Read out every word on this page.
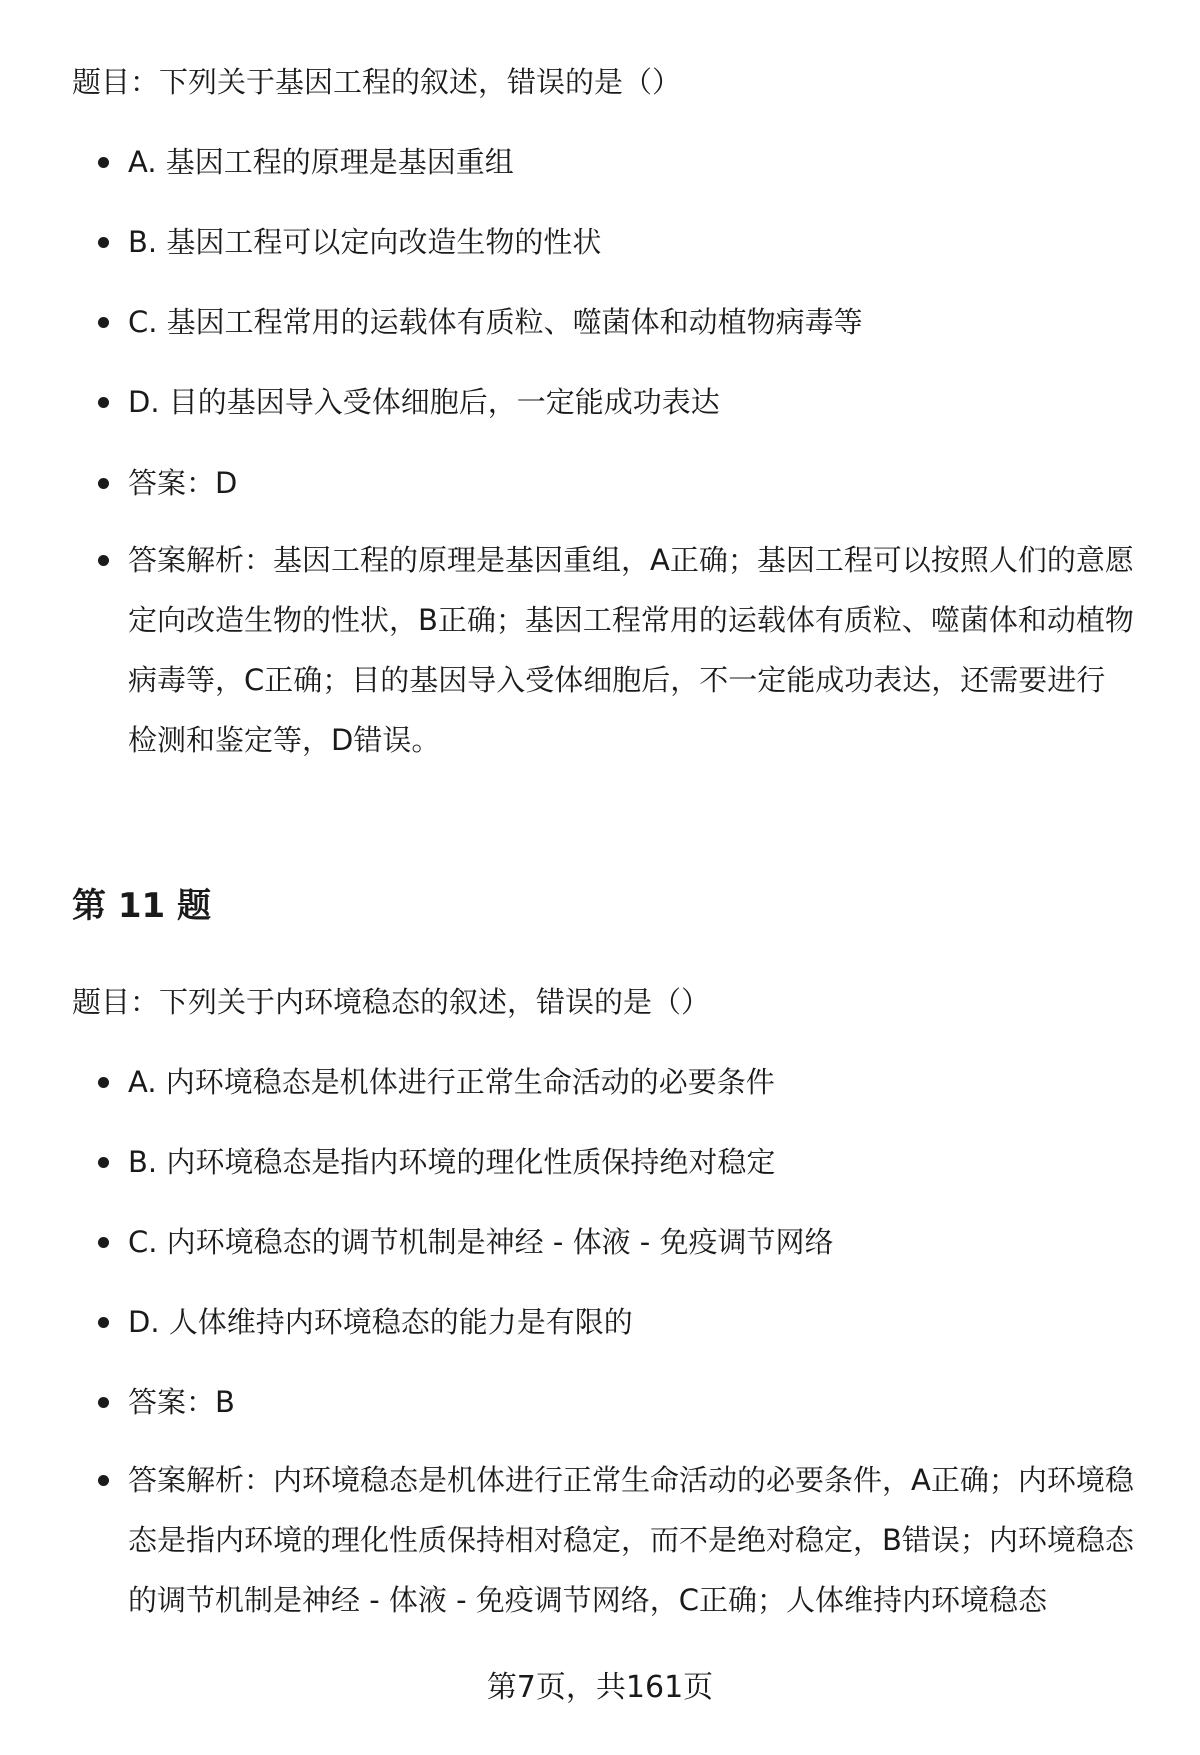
题目：下列关于基因工程的叙述，错误的是（）

A. 基因工程的原理是基因重组
B. 基因工程可以定向改造生物的性状
C. 基因工程常用的运载体有质粒、噬菌体和动植物病毒等
D. 目的基因导入受体细胞后，一定能成功表达
答案：D
答案解析：基因工程的原理是基因重组，A正确；基因工程可以按照人们的意愿定向改造生物的性状，B正确；基因工程常用的运载体有质粒、噬菌体和动植物病毒等，C正确；目的基因导入受体细胞后，不一定能成功表达，还需要进行检测和鉴定等，D错误。
第 11 题

题目：下列关于内环境稳态的叙述，错误的是（）

A. 内环境稳态是机体进行正常生命活动的必要条件
B. 内环境稳态是指内环境的理化性质保持绝对稳定
C. 内环境稳态的调节机制是神经 - 体液 - 免疫调节网络
D. 人体维持内环境稳态的能力是有限的
答案：B
答案解析：内环境稳态是机体进行正常生命活动的必要条件，A正确；内环境稳态是指内环境的理化性质保持相对稳定，而不是绝对稳定，B错误；内环境稳态的调节机制是神经 - 体液 - 免疫调节网络，C正确；人体维持内环境稳态
第7页，共161页
